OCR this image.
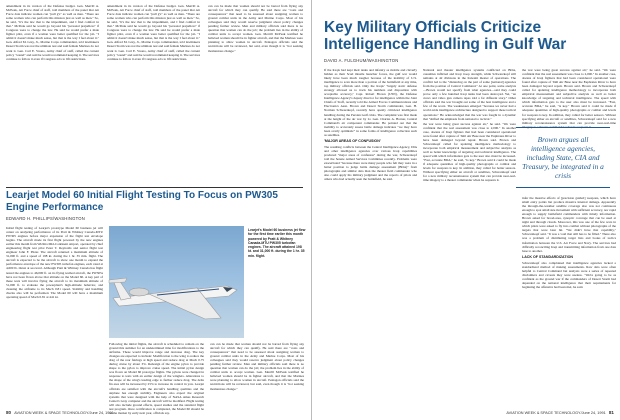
amendment in its version of the Defense budget. Gen. Merrill A. McPeak, Air Force chief of staff, told members of the panel that Air Force data indicate women can "pull g's" as well as men. "There are some women who can perform this mission just as well as men." So, he said, "it's the law that is the impediment, and I find comfort in that." McPeak said he would go beyond his "personal prejudices" if Congress were to change the law. He said he would prefer a male fighter pilot, even if a woman were better qualified for the job. "I admit it doesn't make much sense, but that is the way I feel about it." Gen. Alfred M. Gray, Jr., Marine Corps commandant, told lawmakers Desert Storm was not the ultimate test and said female Marines do not want it. Gen. Carl E. Vuono, Army chief of staff, called the current policy "sound" and said he would recommend keeping it. The services continue to follow it even if Congress acts to lift restrictions.

amendment in its version of the Defense budget. Gen. Merrill A. McPeak, Air Force chief of staff, told members of the panel that Air Force data indicate women can "pull g's" as well as men. "There are some women who can perform this mission just as well as men." So, he said, "it's the law that is the impediment, and I find comfort in that." McPeak said he would go beyond his "personal prejudices" if Congress were to change the law. He said he would prefer a male fighter pilot, even if a woman were better qualified for the job. "I admit it doesn't make much sense, but that is the way I feel about it." Gen. Alfred M. Gray, Jr., Marine Corps commandant, told lawmakers Desert Storm was not the ultimate test and said female Marines do not want it. Gen. Carl E. Vuono, Army chief of staff, called the current policy "sound" and said he would recommend keeping it. The services continue to follow it even if Congress acts to lift restrictions.

can can be made that women should not be barred from flying any aircraft for which they can qualify. He said there are "costs and consequences" that need to be assessed about assigning women to ground combat units in the Army and Marine Corps. Most of his colleagues said they would reserve judgment about policy changes pending further review. Men and military officials said there is no question that women can do the job; the problem lies in the ability of combat units to accept women. Gen. Merrill McPeak testified he believed women should be in fighter aircraft, and that the Marines were planning to allow women in aircraft. Pentagon officials said the restrictions will be reviewed, but said, even though it is "not seeking momentous change."

Learjet Model 60 Initial Flight Testing To Focus on PW305 Engine Performance
EDWARD H. PHILLIPS/WASHINGTON

Initial flight testing of Learjet's prototype Model 60 business jet will center on analyzing performance of its Pratt & Whitney Canada-MTU PW305 engines before major expansion of the flight test envelope begins. The aircraft made its first flight powered by the new engines earlier this month from Wichita Mid-Continent Airport, operated by chief engineering flight test pilot Peter T. Reynolds and senior flight test engineer John F. Pitzer. The aircraft returned a maximum altitude of 31,000 ft. and a speed of 198 kt. during the 1 hr. 35 min. flight. The aircraft is expected to be the aircraft to show one month to expand the performance envelope of the new PW305 turbofan engines, each rated at 4,600 lb. thrust at sea level. Although Pratt & Whitney Canada has flight tested the engines to 46,000 ft. on its flying testbed aircraft, the PW305s have not been flown above that altitude on the Model 60. A key part of these tests will involve flying the aircraft to its maximum altitude of 51,000 ft. to evaluate the powerplant's high-altitude behavior, and cleaning the airframe to its Mach 0.81 speed. Stability and handling checks also will be performed. The Model 60 will have a maximum operating speed of Mach 0.81 at 441 kt.

Following the initial flights, the aircraft is scheduled to remain on the ground this summer for an undetermined time for modifications to the airframe. These would improve range and decrease drag. The key changes are expected to include: Modification to the wing to reduce the drag of the rear fairings at high speed and reduce drag at Mach 0.75 during cruise by about 3%. Redesign of the engine pylon to provide shape to the pylon to improve cruise speed. The initial pylon design was flown on Model 60 prototype flights. The pylons were changed in response to tests with an earlier design of the winglets. Alterations to the shape of the wing's leading edge to further reduce drag. The delta fin area will be increased by 25% to increase its control in yaw. Learjet officials are satisfied with the aircraft's handling qualities and the airplane has enough stability. Engineers also expect the original systems that were designed with the help of NASA Ames Research Center's Gray computer and the aircraft will be modified. Flight testing will also include ground effects, speed studies and the standard flight test program. Once certification is completed, the Model 60 should be on the market by early next year, officials say.

can can be made that women should not be barred from flying any aircraft for which they can qualify. He said there are "costs and consequences" that need to be assessed about assigning women to ground combat units in the Army and Marine Corps. Most of his colleagues said they would reserve judgment about policy changes pending further review. Men and military officials said there is no question that women can do the job; the problem lies in the ability of combat units to accept women. Gen. Merrill McPeak testified he believed women should be in fighter aircraft, and that the Marines were planning to allow women in aircraft. Pentagon officials said the restrictions will be reviewed, but said, even though it is "not seeking momentous change."

Learjet's Model 60 business jet flew for the first time earlier this month powered by Pratt & Whitney Canada-MTU PW305 turbofan engines. The aircraft attained 198 kt. and 31,000 ft. during the 1 hr. 35 min. flight.
80 AVIATION WEEK & SPACE TECHNOLOGY/June 24, 1991
Key Military Officials Criticize Intelligence Handling in Gulf War
DAVID A. FULGHUM/WASHINGTON

If the Iraqis had kept their tanks and infantry as mobile and cleverly hidden as their Scud missile launcher forces, the gulf war would likely have been much tougher because of the inability of U.S. intelligence to scan more than a portion of the battlefield at any time, top military officials said. Only the Iraqis' "largely static defense strategy allowed us to track his numbers and disposition with acceptable accuracy," Capt. Robert Brown (USN), the Defense Intelligence Agency's deputy director for intelligence within the Joint Chiefs of Staff, recently told the Armed Forces Communications and Electronics Assn. Brown and Desert Storm commander, Gen. H. Norman Schwarzkopf, recently have openly criticized intelligence handling during the Persian Gulf crisis. The complaint was first made at the height of the air war by Lt. Gen. Charles A. Horner, Central Command's air component commander. He pointed out that the inability to accurately assess battle damage indicates "we may have been overly optimistic" in some forms of intelligence collection such as satellites.

'MAJOR AREAS OF CONFUSION'

The resulting conflicts between the Central Intelligence Agency, DIA and other intelligence agencies over various Iraqi capabilities produced "major areas of confusion" during the war, Schwarzkopf told the Senate Armed Services Committee recently. Problems were exacerbated "because there were many people who felt they were in a better position to judge battle damage assessment (BDA)" from photographs and similar data than the theater field commander who also could apply his military judgment and the reports of pilots and others who had actually seen the battlefield, he said.

National and theater intelligence systems conflicted on BDA, casualties inflicted and Iraqi troop strength, while Schwarzkopf still remains at 42 divisions in the Kuwaiti theater of operations. The conflict led to the "distancing on the part of some [national] agencies from the position of Central Command." At one point, some analysts—Brown would not specify from what agencies—said they could prove only a few hundred Iraqi tanks had been destroyed. Yet, "an crews and video gun camera tapes told a far different story." Other officials said the war brought out some of the best intelligence and a few of the worst. The weaknesses emerged "because we never had a world-wide intelligence architecture designed to support these tactical operations." He acknowledged that the war was fought in a dynamic that "shifted the emphasis from national to tactical."

the war were being great success against air," he said. "We were confident that the real assessment was close to 2,000." In another case, dozens of Iraqi fighters that had been considered operational were found after capture of Talil Air Base near the Euphrates River to have been damaged beyond repair. Brown said. Brown and Schwarzkopf called for updating intelligence methodology to incorporate both empirical measurement and subjective analysis as well as better knowledge of targeting and technical intelligence. The speed with which information gets to the user also must be increased. "Fast, accurate BDA," he said, "is key." Brown said it could be made if adequate quantities of high-quality photographs or combat and levels for weapons is key. In addition, they called for better sensors. Without specifying either an aircraft or satellites, Schwarzkopf said for a new military reconnaissance system that can provide near-real-time imagery to a theater commander when he requests it.

the war were being great success against air," he said. "We were confident that the real assessment was close to 2,000." In another case, dozens of Iraqi fighters that had been considered operational were found after capture of Talil Air Base near the Euphrates River to have been damaged beyond repair. Brown said. Brown and Schwarzkopf called for updating intelligence methodology to incorporate both empirical measurement and subjective analysis as well as better knowledge of targeting and technical intelligence. The speed with which information gets to the user also must be increased. "Fast, accurate BDA," he said, "is key." Brown said it could be made if adequate quantities of high-quality photographs or combat and levels for weapons is key. In addition, they called for better sensors. Without specifying either an aircraft or satellites, Schwarzkopf said for a new military reconnaissance system that can provide near-real-time imagery to a theater commander when he requests it.

Brown argues all intelligence agencies, including State, CIA and Treasury, be integrated in a crisis

infer the massive effects of [precision guided] weapons, which have small entry points but produce massive internal damage. Apparently the through-the-weather satellite coverage also was not continuous enough to spot small size movement with sufficient accuracy, nor rapid enough to supply battlefield commanders with timely information. Brown asked for broad-area, synoptic coverage that can be used at night and through clouds. Moreover, this was one of the few wars in which pilots were asked to fly into combat without photographs of the targets that were later hit. "We didn't have that capability," Schwarzkopf said. "It was a void that still has to be filled." There also was a problem of distributing target lists and books of tactics information between the U.S. Air Force and Navy. The services had difficulty reconciling Iraqi and transmitting information from one data base to another.

LACK OF STANDARDIZATION

Schwarzkopf also complained that intelligence agencies lacked a standardized method of making assessments. Raw data were often helpful to Central Command but analysts were a series of repeated disclaimers and caveats they were useless. "We're going to be as confident as the ground war if the commanders of Desert Storm had depended on the national intelligence that their requirements for beginning the offensive had been met, he said.

AVIATION WEEK & SPACE TECHNOLOGY/June 24, 1991 81
